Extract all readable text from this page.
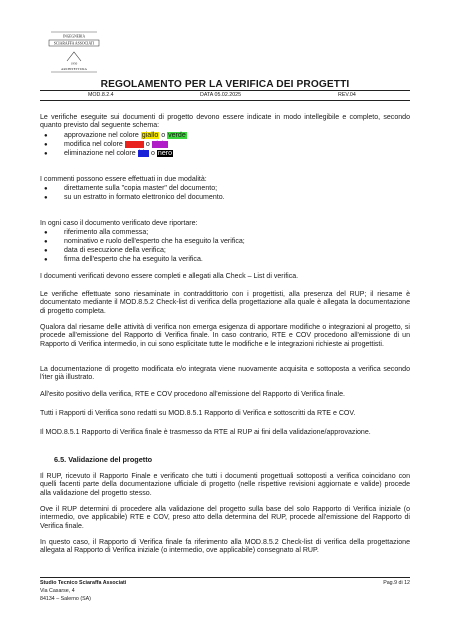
INGEGNERIA
SCIARAFFA ASSOCIATI
1950
ARCHITETTURA
REGOLAMENTO PER LA VERIFICA DEI PROGETTI
MOD.8.2.4	DATA 05.02.2025	REV.04
Le verifiche eseguite sui documenti di progetto devono essere indicate in modo intellegibile e completo, secondo quanto previsto dal seguente schema:
● approvazione nel colore giallo o verde
● modifica nel colore rosso o viola
● eliminazione nel colore blu o nero
I commenti possono essere effettuati in due modalità:
● direttamente sulla "copia master" del documento;
● su un estratto in formato elettronico del documento.
In ogni caso il documento verificato deve riportare:
● riferimento alla commessa;
● nominativo e ruolo dell'esperto che ha eseguito la verifica;
● data di esecuzione della verifica;
● firma dell'esperto che ha eseguito la verifica.
I documenti verificati devono essere completi e allegati alla Check – List di verifica.
Le verifiche effettuate sono riesaminate in contraddittorio con i progettisti, alla presenza del RUP; il riesame è documentato mediante il MOD.8.5.2 Check-list di verifica della progettazione alla quale è allegata la documentazione di progetto completa.
Qualora dal riesame delle attività di verifica non emerga esigenza di apportare modifiche o integrazioni al progetto, si procede all'emissione del Rapporto di Verifica finale. In caso contrario, RTE e COV procedono all'emissione di un Rapporto di Verifica intermedio, in cui sono esplicitate tutte le modifiche e le integrazioni richieste ai progettisti.
La documentazione di progetto modificata e/o integrata viene nuovamente acquisita e sottoposta a verifica secondo l'iter già illustrato.
All'esito positivo della verifica, RTE e COV procedono all'emissione del Rapporto di Verifica finale.
Tutti i Rapporti di Verifica sono redatti su MOD.8.5.1 Rapporto di Verifica e sottoscritti da RTE e COV.
Il MOD.8.5.1 Rapporto di Verifica finale è trasmesso da RTE al RUP ai fini della validazione/approvazione.
6.5. Validazione del progetto
Il RUP, ricevuto il Rapporto Finale e verificato che tutti i documenti progettuali sottoposti a verifica coincidano con quelli facenti parte della documentazione ufficiale di progetto (nelle rispettive revisioni aggiornate e valide) procede alla validazione del progetto stesso.
Ove il RUP determini di procedere alla validazione del progetto sulla base del solo Rapporto di Verifica iniziale (o intermedio, ove applicabile) RTE e COV, preso atto della determina del RUP, procede all'emissione del Rapporto di Verifica finale.
In questo caso, il Rapporto di Verifica finale fa riferimento alla MOD.8.5.2 Check-list di verifica della progettazione allegata al Rapporto di Verifica iniziale (o intermedio, ove applicabile) consegnato al RUP.
Studio Tecnico Sciaraffa Associati
Via Casarse, 4
84134 – Salerno (SA)
Pag.9 di 12
